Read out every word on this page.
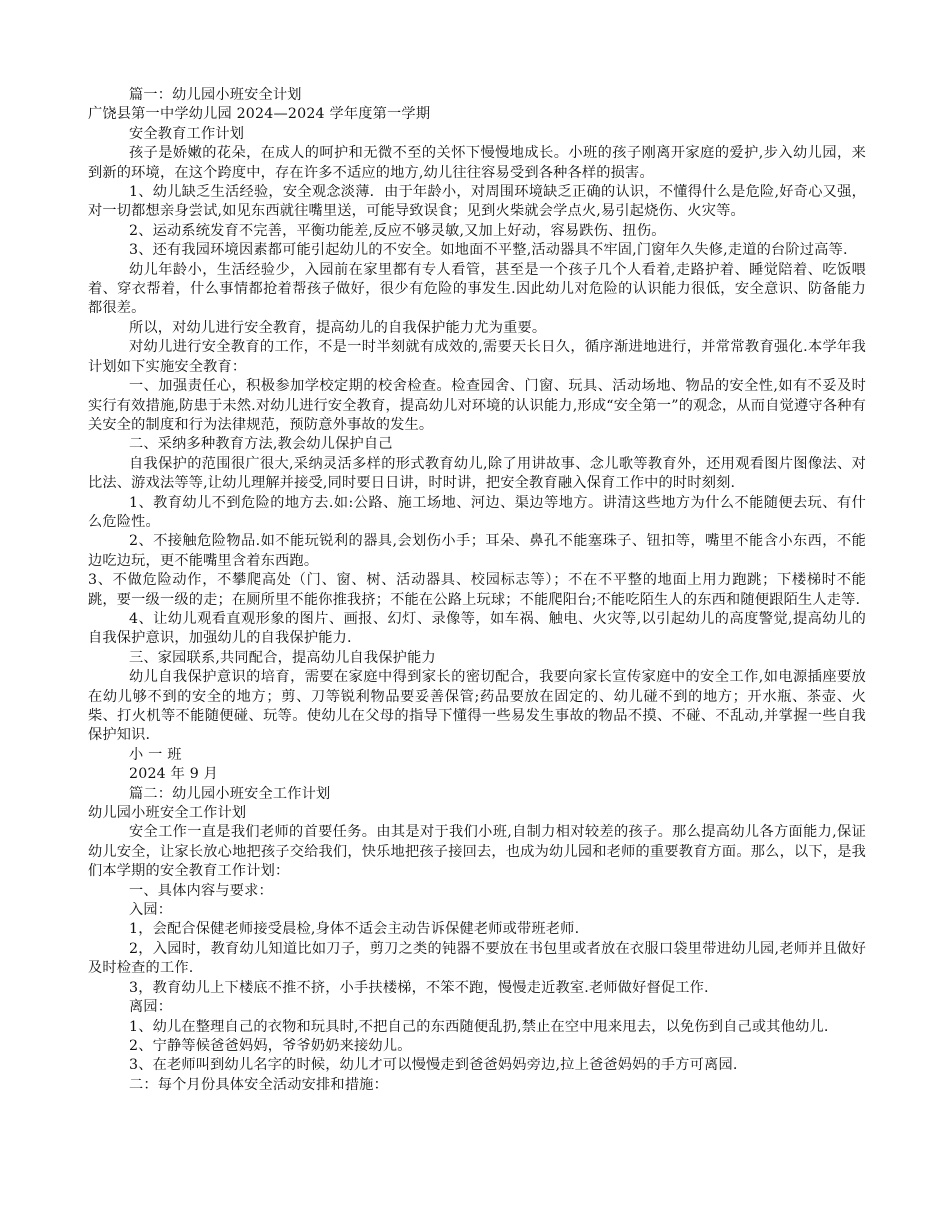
篇一：幼儿园小班安全计划

广饶县第一中学幼儿园 2024—2024 学年度第一学期

安全教育工作计划

孩子是娇嫩的花朵，在成人的呵护和无微不至的关怀下慢慢地成长。小班的孩子刚离开家庭的爱护,步入幼儿园，来到新的环境，在这个跨度中，存在许多不适应的地方,幼儿往往容易受到各种各样的损害。

1、幼儿缺乏生活经验，安全观念淡薄．由于年龄小，对周围环境缺乏正确的认识，不懂得什么是危险,好奇心又强，对一切都想亲身尝试,如见东西就往嘴里送，可能导致误食；见到火柴就会学点火,易引起烧伤、火灾等。

2、运动系统发育不完善，平衡功能差,反应不够灵敏,又加上好动，容易跌伤、扭伤。

3、还有我园环境因素都可能引起幼儿的不安全。如地面不平整,活动器具不牢固,门窗年久失修,走道的台阶过高等.

幼儿年龄小，生活经验少，入园前在家里都有专人看管，甚至是一个孩子几个人看着,走路护着、睡觉陪着、吃饭喂着、穿衣帮着，什么事情都抢着帮孩子做好，很少有危险的事发生.因此幼儿对危险的认识能力很低，安全意识、防备能力都很差。

所以，对幼儿进行安全教育，提高幼儿的自我保护能力尤为重要。

对幼儿进行安全教育的工作，不是一时半刻就有成效的,需要天长日久，循序渐进地进行，并常常教育强化.本学年我计划如下实施安全教育：

一、加强责任心，积极参加学校定期的校舍检查。检查园舍、门窗、玩具、活动场地、物品的安全性,如有不妥及时实行有效措施,防患于未然.对幼儿进行安全教育，提高幼儿对环境的认识能力,形成“安全第一”的观念，从而自觉遵守各种有关安全的制度和行为法律规范，预防意外事故的发生。

二、采纳多种教育方法,教会幼儿保护自己

自我保护的范围很广很大,采纳灵活多样的形式教育幼儿,除了用讲故事、念儿歌等教育外，还用观看图片图像法、对比法、游戏法等等,让幼儿理解并接受,同时要日日讲，时时讲，把安全教育融入保育工作中的时时刻刻.

1、教育幼儿不到危险的地方去.如:公路、施工场地、河边、渠边等地方。讲清这些地方为什么不能随便去玩、有什么危险性。

2、不接触危险物品.如不能玩锐利的器具,会划伤小手；耳朵、鼻孔不能塞珠子、钮扣等，嘴里不能含小东西，不能边吃边玩，更不能嘴里含着东西跑。

3、不做危险动作，不攀爬高处（门、窗、树、活动器具、校园标志等）；不在不平整的地面上用力跑跳；下楼梯时不能跳，要一级一级的走；在厕所里不能你推我挤；不能在公路上玩球；不能爬阳台;不能吃陌生人的东西和随便跟陌生人走等.

4、让幼儿观看直观形象的图片、画报、幻灯、录像等，如车祸、触电、火灾等,以引起幼儿的高度警觉,提高幼儿的自我保护意识，加强幼儿的自我保护能力.

三、家园联系,共同配合，提高幼儿自我保护能力

幼儿自我保护意识的培育，需要在家庭中得到家长的密切配合，我要向家长宣传家庭中的安全工作,如电源插座要放在幼儿够不到的安全的地方；剪、刀等锐利物品要妥善保管;药品要放在固定的、幼儿碰不到的地方；开水瓶、茶壶、火柴、打火机等不能随便碰、玩等。使幼儿在父母的指导下懂得一些易发生事故的物品不摸、不碰、不乱动,并掌握一些自我保护知识.

小 一 班

2024 年 9 月

篇二：幼儿园小班安全工作计划

幼儿园小班安全工作计划

安全工作一直是我们老师的首要任务。由其是对于我们小班,自制力相对较差的孩子。那么提高幼儿各方面能力,保证幼儿安全，让家长放心地把孩子交给我们，快乐地把孩子接回去，也成为幼儿园和老师的重要教育方面。那么，以下，是我们本学期的安全教育工作计划：

一、具体内容与要求：

入园：

1，会配合保健老师接受晨检,身体不适会主动告诉保健老师或带班老师.

2，入园时，教育幼儿知道比如刀子，剪刀之类的钝器不要放在书包里或者放在衣服口袋里带进幼儿园,老师并且做好及时检查的工作.

3，教育幼儿上下楼底不推不挤，小手扶楼梯，不笨不跑，慢慢走近教室.老师做好督促工作.

离园：

1、幼儿在整理自己的衣物和玩具时,不把自己的东西随便乱扔,禁止在空中甩来甩去，以免伤到自己或其他幼儿.

2、宁静等候爸爸妈妈，爷爷奶奶来接幼儿。

3、在老师叫到幼儿名字的时候，幼儿才可以慢慢走到爸爸妈妈旁边,拉上爸爸妈妈的手方可离园.

二：每个月份具体安全活动安排和措施：
